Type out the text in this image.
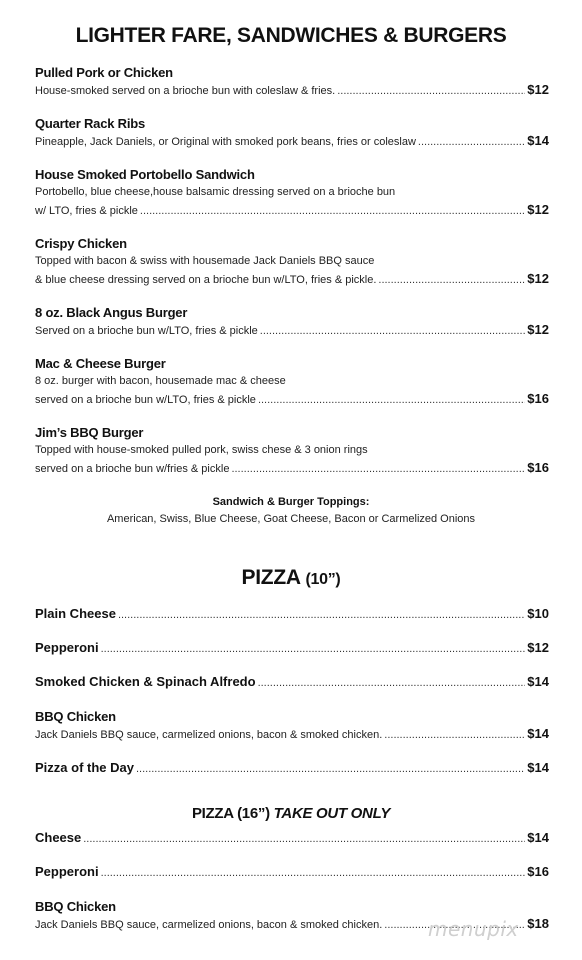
LIGHTER FARE, SANDWICHES & BURGERS
Pulled Pork or Chicken
House-smoked served on a brioche bun with coleslaw & fries. .....	$12
Quarter Rack Ribs
Pineapple, Jack Daniels, or Original with smoked pork beans, fries or coleslaw .....	$14
House Smoked Portobello Sandwich
Portobello, blue cheese,house balsamic dressing served on a brioche bun
w/ LTO, fries & pickle .....	$12
Crispy Chicken
Topped with bacon & swiss with housemade Jack Daniels BBQ sauce
& blue cheese dressing served on a brioche bun w/LTO, fries & pickle. .....	$12
8 oz. Black Angus Burger
Served on a brioche bun w/LTO, fries & pickle .....	$12
Mac & Cheese Burger
8 oz. burger with bacon, housemade mac & cheese
served on a brioche bun w/LTO, fries & pickle .....	$16
Jim’s BBQ Burger
Topped with house-smoked pulled pork, swiss chese & 3 onion rings
served on a brioche bun w/fries & pickle .....	$16
Sandwich & Burger Toppings:
American, Swiss, Blue Cheese, Goat Cheese, Bacon or Carmelized Onions
PIZZA (10”)
Plain Cheese .....	$10
Pepperoni .....	$12
Smoked Chicken & Spinach Alfredo .....	$14
BBQ Chicken
Jack Daniels BBQ sauce, carmelized onions, bacon & smoked chicken. .....	$14
Pizza of the Day .....	$14
PIZZA (16”) TAKE OUT ONLY
Cheese .....	$14
Pepperoni .....	$16
BBQ Chicken
Jack Daniels BBQ sauce, carmelized onions, bacon & smoked chicken. .....	$18
menupix
